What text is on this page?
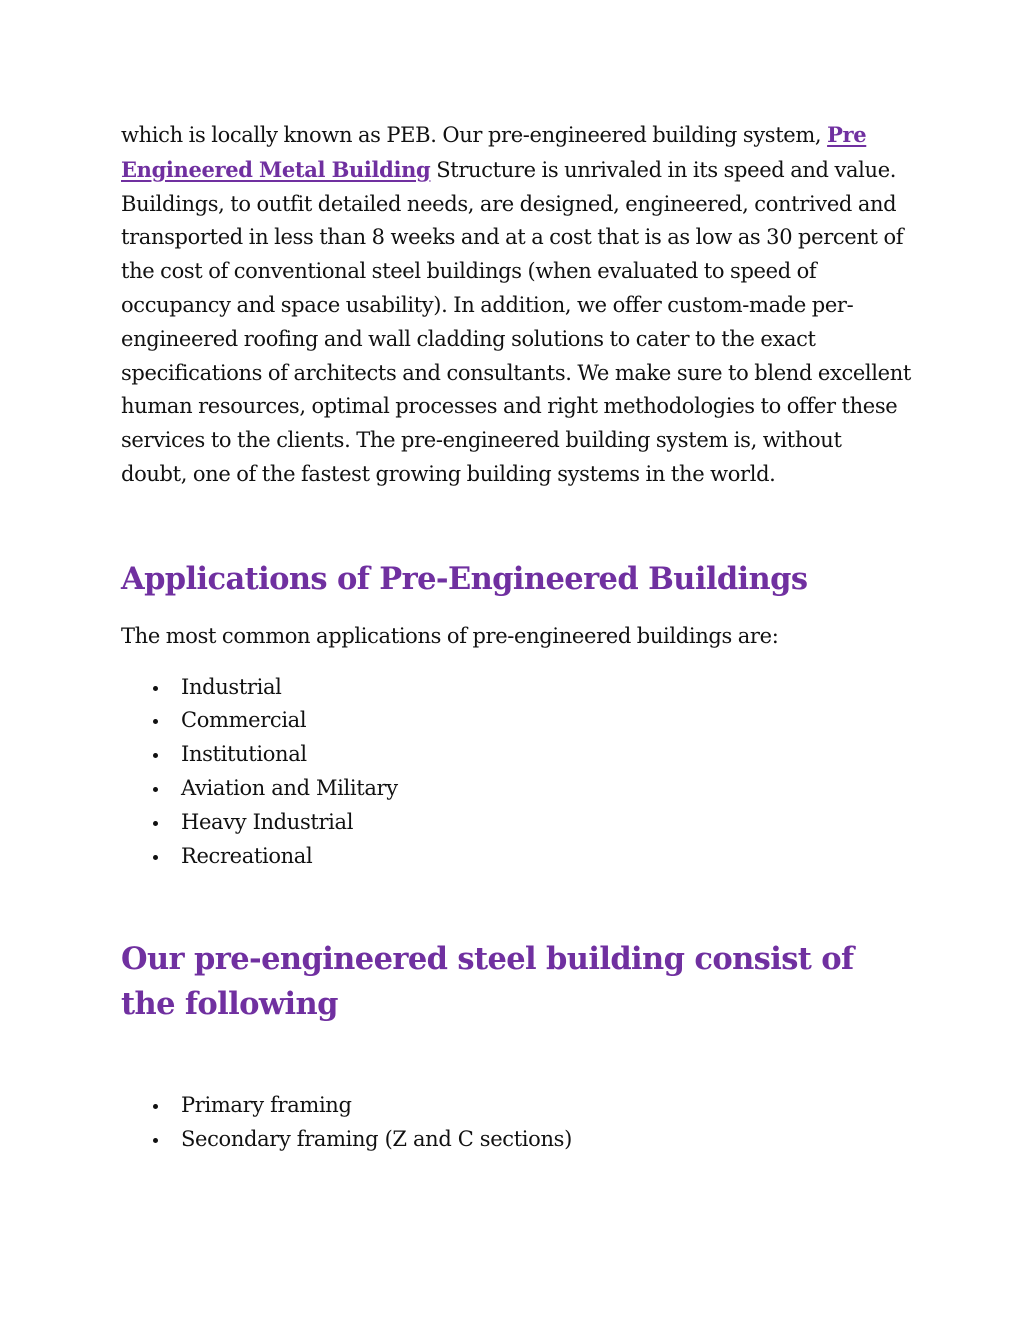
which is locally known as PEB. Our pre-engineered building system, Pre Engineered Metal Building Structure is unrivaled in its speed and value. Buildings, to outfit detailed needs, are designed, engineered, contrived and transported in less than 8 weeks and at a cost that is as low as 30 percent of the cost of conventional steel buildings (when evaluated to speed of occupancy and space usability). In addition, we offer custom-made per-engineered roofing and wall cladding solutions to cater to the exact specifications of architects and consultants. We make sure to blend excellent human resources, optimal processes and right methodologies to offer these services to the clients. The pre-engineered building system is, without doubt, one of the fastest growing building systems in the world.

Applications of Pre-Engineered Buildings

The most common applications of pre-engineered buildings are:

Industrial
Commercial
Institutional
Aviation and Military
Heavy Industrial
Recreational
Our pre-engineered steel building consist of the following
Primary framing
Secondary framing (Z and C sections)
